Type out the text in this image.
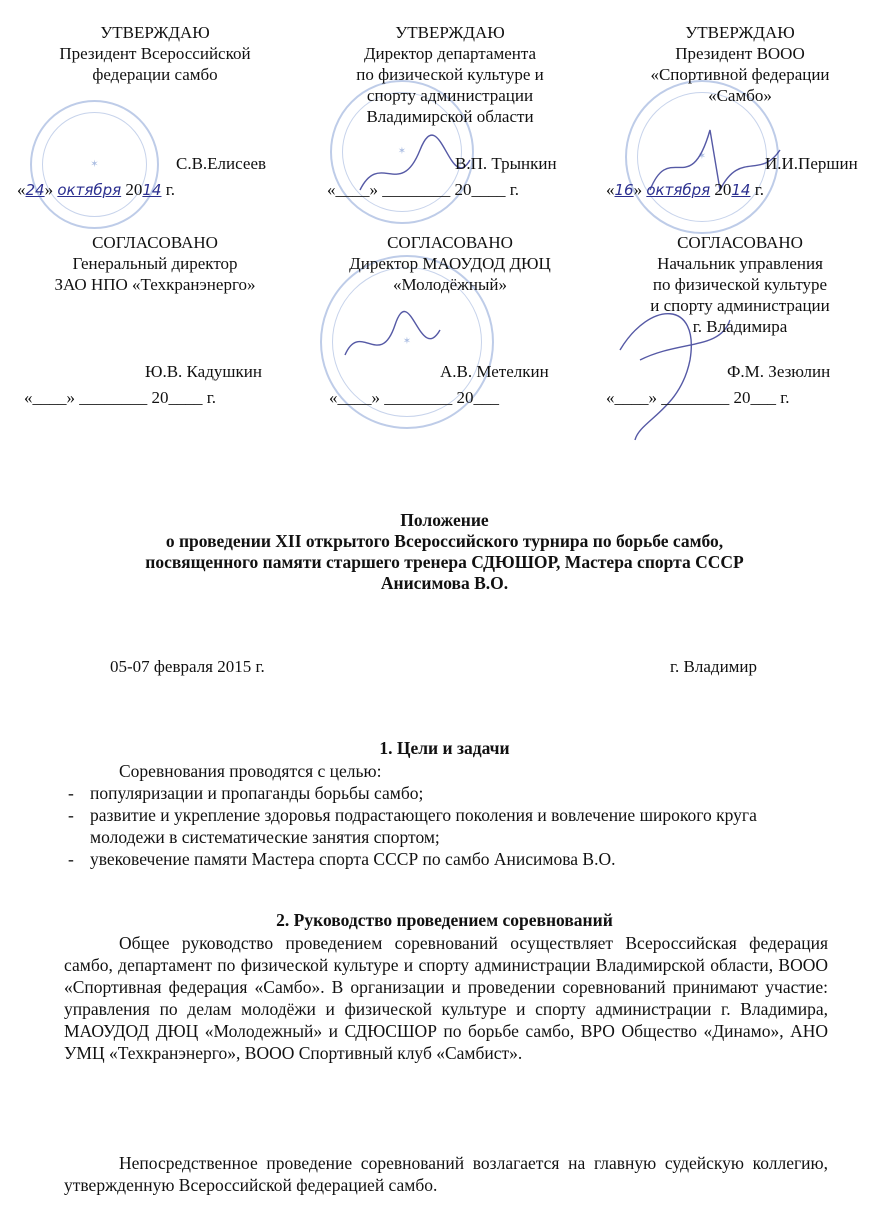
✶
✶	✶
✶
УТВЕРЖДАЮ
Президент Всероссийской
федерации самбо
С.В.Елисеев
«24» октября 2014 г.
УТВЕРЖДАЮ
Директор департамента
по физической культуре и
спорту администрации
Владимирской области
В.П. Трынкин
«____» ________ 20____ г.
УТВЕРЖДАЮ
Президент ВООО
«Спортивной федерации
«Самбо»
И.И.Першин
«16» октября 2014 г.
СОГЛАСОВАНО
Генеральный директор
ЗАО НПО «Техкранэнерго»
Ю.В. Кадушкин
«____» ________ 20____ г.
СОГЛАСОВАНО
Директор МАОУДОД ДЮЦ
«Молодёжный»
А.В. Метелкин
«____» ________ 20___
СОГЛАСОВАНО
Начальник управления
по физической культуре
и спорту администрации
г. Владимира
Ф.М. Зезюлин
«____» ________ 20___ г.
Положение
о проведении XII открытого Всероссийского турнира по борьбе самбо,
посвященного памяти старшего тренера СДЮШОР, Мастера спорта СССР
Анисимова В.О.
05-07 февраля 2015 г.	г. Владимир
1. Цели и задачи
Соревнования проводятся с целью:
- популяризации и пропаганды борьбы самбо;
- развитие и укрепление здоровья подрастающего поколения и вовлечение широкого круга молодежи в систематические занятия спортом;
- увековечение памяти Мастера спорта СССР по самбо Анисимова В.О.
2. Руководство проведением соревнований
Общее руководство проведением соревнований осуществляет Всероссийская федерация самбо, департамент по физической культуре и спорту администрации Владимирской области, ВООО «Спортивная федерация «Самбо». В организации и проведении соревнований принимают участие: управления по делам молодёжи и физической культуре и спорту администрации г. Владимира, МАОУДОД ДЮЦ «Молодежный» и СДЮСШОР по борьбе самбо, ВРО Общество «Динамо», АНО УМЦ «Техкранэнерго», ВООО Спортивный клуб «Самбист».
Непосредственное проведение соревнований возлагается на главную судейскую коллегию, утвержденную Всероссийской федерацией самбо.
